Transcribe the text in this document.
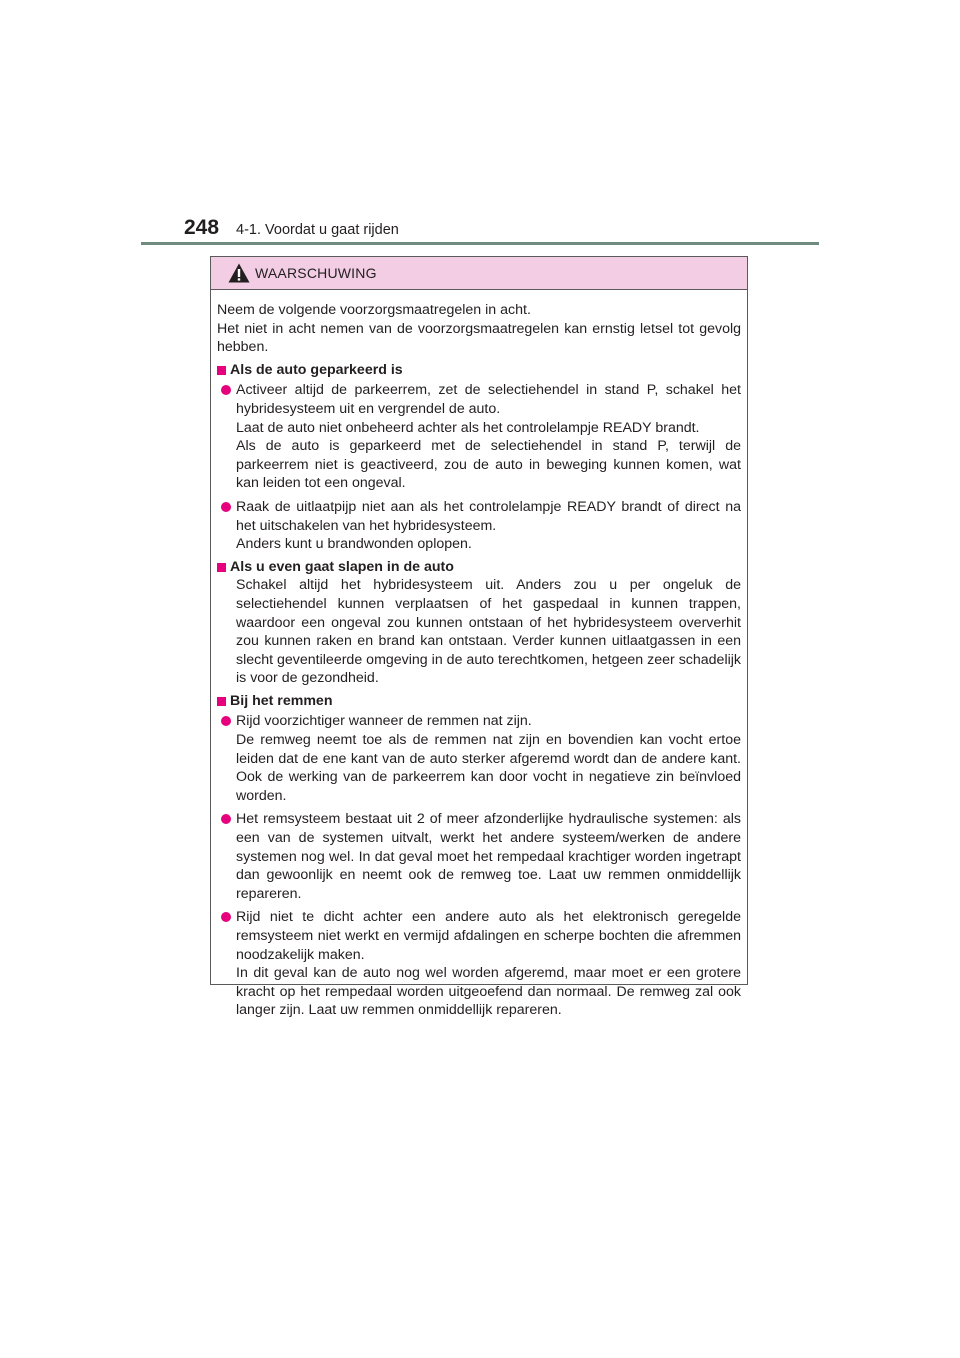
248 4-1. Voordat u gaat rijden
WAARSCHUWING

Neem de volgende voorzorgsmaatregelen in acht.

Het niet in acht nemen van de voorzorgsmaatregelen kan ernstig letsel tot gevolg hebben.

Als de auto geparkeerd is

Activeer altijd de parkeerrem, zet de selectiehendel in stand P, schakel het hybridesysteem uit en vergrendel de auto.

Laat de auto niet onbeheerd achter als het controlelampje READY brandt.

Als de auto is geparkeerd met de selectiehendel in stand P, terwijl de parkeerrem niet is geactiveerd, zou de auto in beweging kunnen komen, wat kan leiden tot een ongeval.

Raak de uitlaatpijp niet aan als het controlelampje READY brandt of direct na het uitschakelen van het hybridesysteem.

Anders kunt u brandwonden oplopen.

Als u even gaat slapen in de auto

Schakel altijd het hybridesysteem uit. Anders zou u per ongeluk de selectiehendel kunnen verplaatsen of het gaspedaal in kunnen trappen, waardoor een ongeval zou kunnen ontstaan of het hybridesysteem oververhit zou kunnen raken en brand kan ontstaan. Verder kunnen uitlaatgassen in een slecht geventileerde omgeving in de auto terechtkomen, hetgeen zeer schadelijk is voor de gezondheid.

Bij het remmen

Rijd voorzichtiger wanneer de remmen nat zijn.

De remweg neemt toe als de remmen nat zijn en bovendien kan vocht ertoe leiden dat de ene kant van de auto sterker afgeremd wordt dan de andere kant. Ook de werking van de parkeerrem kan door vocht in negatieve zin beïnvloed worden.

Het remsysteem bestaat uit 2 of meer afzonderlijke hydraulische systemen: als een van de systemen uitvalt, werkt het andere systeem/werken de andere systemen nog wel. In dat geval moet het rempedaal krachtiger worden ingetrapt dan gewoonlijk en neemt ook de remweg toe. Laat uw remmen onmiddellijk repareren.

Rijd niet te dicht achter een andere auto als het elektronisch geregelde remsysteem niet werkt en vermijd afdalingen en scherpe bochten die afremmen noodzakelijk maken.

In dit geval kan de auto nog wel worden afgeremd, maar moet er een grotere kracht op het rempedaal worden uitgeoefend dan normaal. De remweg zal ook langer zijn. Laat uw remmen onmiddellijk repareren.
